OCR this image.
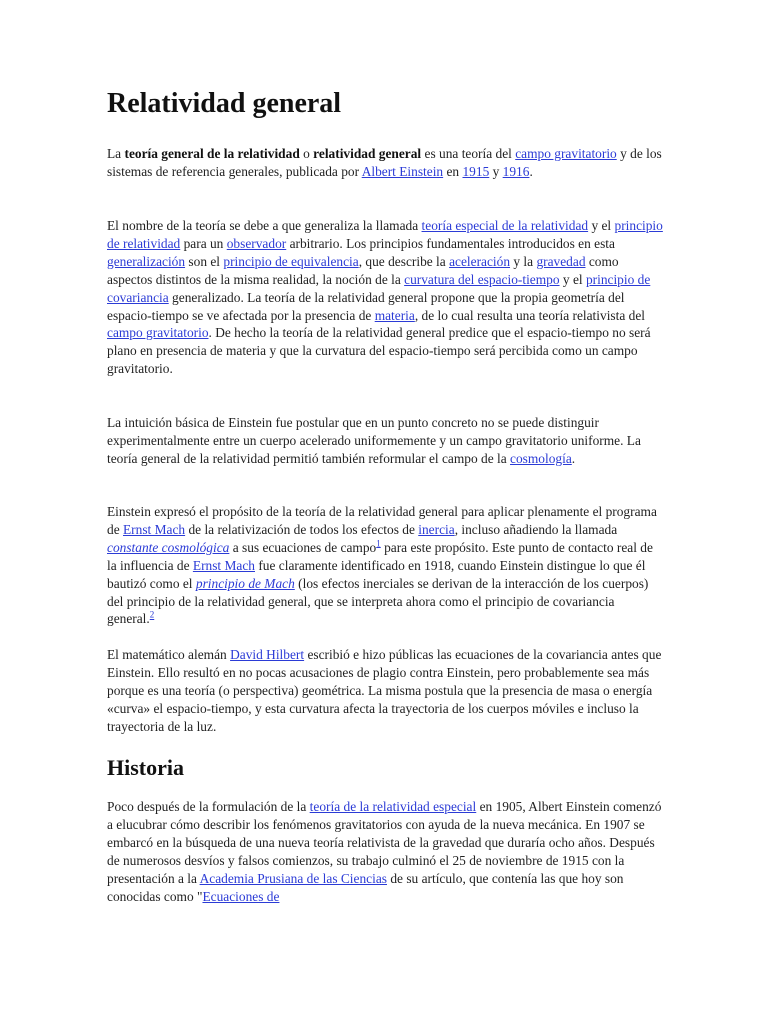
Relatividad general

La teoría general de la relatividad o relatividad general es una teoría del campo gravitatorio y de los sistemas de referencia generales, publicada por Albert Einstein en 1915 y 1916.

El nombre de la teoría se debe a que generaliza la llamada teoría especial de la relatividad y el principio de relatividad para un observador arbitrario. Los principios fundamentales introducidos en esta generalización son el principio de equivalencia, que describe la aceleración y la gravedad como aspectos distintos de la misma realidad, la noción de la curvatura del espacio-tiempo y el principio de covariancia generalizado. La teoría de la relatividad general propone que la propia geometría del espacio-tiempo se ve afectada por la presencia de materia, de lo cual resulta una teoría relativista del campo gravitatorio. De hecho la teoría de la relatividad general predice que el espacio-tiempo no será plano en presencia de materia y que la curvatura del espacio-tiempo será percibida como un campo gravitatorio.

La intuición básica de Einstein fue postular que en un punto concreto no se puede distinguir experimentalmente entre un cuerpo acelerado uniformemente y un campo gravitatorio uniforme. La teoría general de la relatividad permitió también reformular el campo de la cosmología.

Einstein expresó el propósito de la teoría de la relatividad general para aplicar plenamente el programa de Ernst Mach de la relativización de todos los efectos de inercia, incluso añadiendo la llamada constante cosmológica a sus ecuaciones de campo$^1$ para este propósito. Este punto de contacto real de la influencia de Ernst Mach fue claramente identificado en 1918, cuando Einstein distingue lo que él bautizó como el principio de Mach (los efectos inerciales se derivan de la interacción de los cuerpos) del principio de la relatividad general, que se interpreta ahora como el principio de covariancia general.$^2$

El matemático alemán David Hilbert escribió e hizo públicas las ecuaciones de la covariancia antes que Einstein. Ello resultó en no pocas acusaciones de plagio contra Einstein, pero probablemente sea más porque es una teoría (o perspectiva) geométrica. La misma postula que la presencia de masa o energía «curva» el espacio-tiempo, y esta curvatura afecta la trayectoria de los cuerpos móviles e incluso la trayectoria de la luz.

Historia

Poco después de la formulación de la teoría de la relatividad especial en 1905, Albert Einstein comenzó a elucubrar cómo describir los fenómenos gravitatorios con ayuda de la nueva mecánica. En 1907 se embarcó en la búsqueda de una nueva teoría relativista de la gravedad que duraría ocho años. Después de numerosos desvíos y falsos comienzos, su trabajo culminó el 25 de noviembre de 1915 con la presentación a la Academia Prusiana de las Ciencias de su artículo, que contenía las que hoy son conocidas como "Ecuaciones de
